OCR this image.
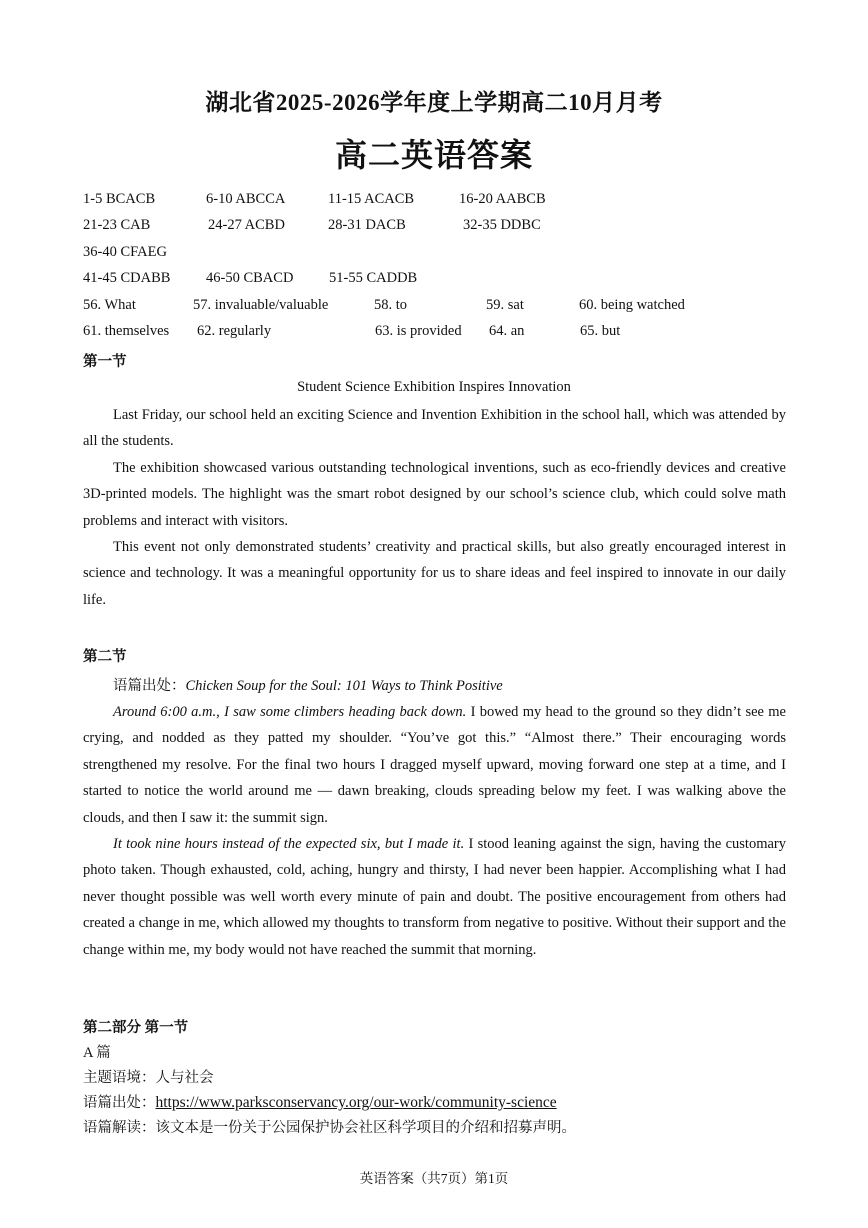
湖北省2025-2026学年度上学期高二10月月考
高二英语答案
1-5 BCACB	6-10 ABCCA	11-15 ACACB	16-20 AABCB
21-23 CAB	24-27 ACBD	28-31 DACB	32-35 DDBC
36-40 CFAEG
41-45 CDABB 46-50 CBACD 51-55 CADDB
56. What	57. invaluable/valuable	58. to	59. sat	60. being watched
61. themselves 62. regularly	63. is provided 64. an	65. but
第一节
Student Science Exhibition Inspires Innovation

Last Friday, our school held an exciting Science and Invention Exhibition in the school hall, which was attended by all the students.

The exhibition showcased various outstanding technological inventions, such as eco-friendly devices and creative 3D-printed models. The highlight was the smart robot designed by our school’s science club, which could solve math problems and interact with visitors.

This event not only demonstrated students’ creativity and practical skills, but also greatly encouraged interest in science and technology. It was a meaningful opportunity for us to share ideas and feel inspired to innovate in our daily life.

第二节
语篇出处：Chicken Soup for the Soul: 101 Ways to Think Positive

Around 6:00 a.m., I saw some climbers heading back down. I bowed my head to the ground so they didn’t see me crying, and nodded as they patted my shoulder. “You’ve got this.” “Almost there.” Their encouraging words strengthened my resolve. For the final two hours I dragged myself upward, moving forward one step at a time, and I started to notice the world around me — dawn breaking, clouds spreading below my feet. I was walking above the clouds, and then I saw it: the summit sign.

It took nine hours instead of the expected six, but I made it. I stood leaning against the sign, having the customary photo taken. Though exhausted, cold, aching, hungry and thirsty, I had never been happier. Accomplishing what I had never thought possible was well worth every minute of pain and doubt. The positive encouragement from others had created a change in me, which allowed my thoughts to transform from negative to positive. Without their support and the change within me, my body would not have reached the summit that morning.

第二部分 第一节
A 篇
主题语境：人与社会
语篇出处：https://www.parksconservancy.org/our-work/community-science
语篇解读：该文本是一份关于公园保护协会社区科学项目的介绍和招募声明。
英语答案（共7页）第1页
